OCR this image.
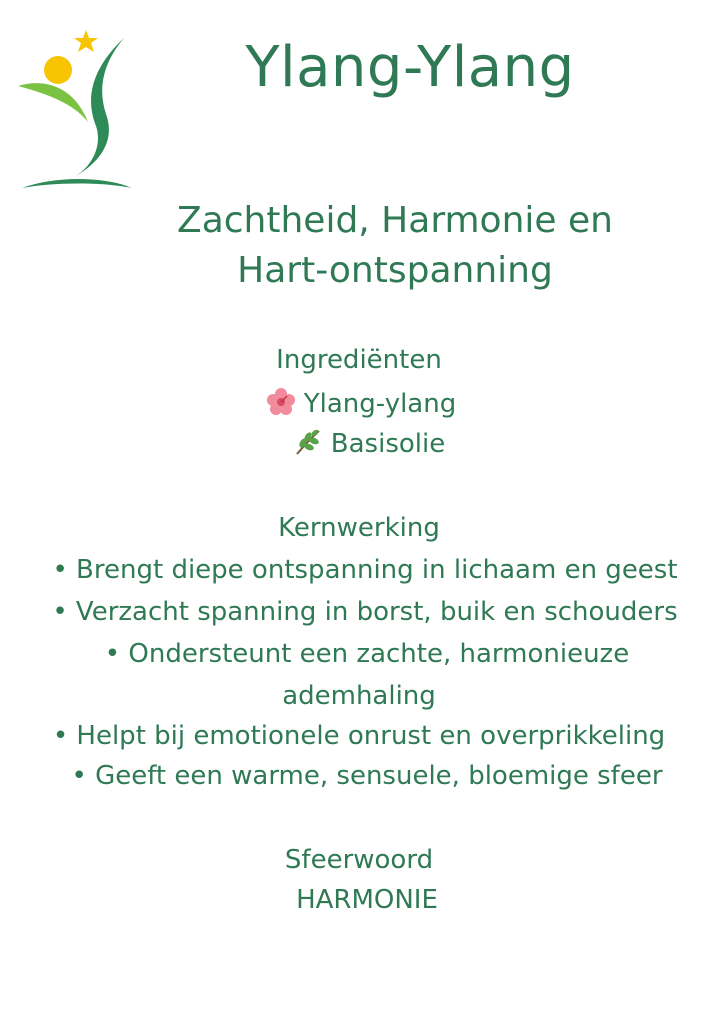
Ylang-Ylang
Zachtheid, Harmonie en
Hart-ontspanning
Ingrediënten
Ylang-ylang
Basisolie
Kernwerking
• Brengt diepe ontspanning in lichaam en geest
• Verzacht spanning in borst, buik en schouders
• Ondersteunt een zachte, harmonieuze
ademhaling
• Helpt bij emotionele onrust en overprikkeling
• Geeft een warme, sensuele, bloemige sfeer
Sfeerwoord
HARMONIE
